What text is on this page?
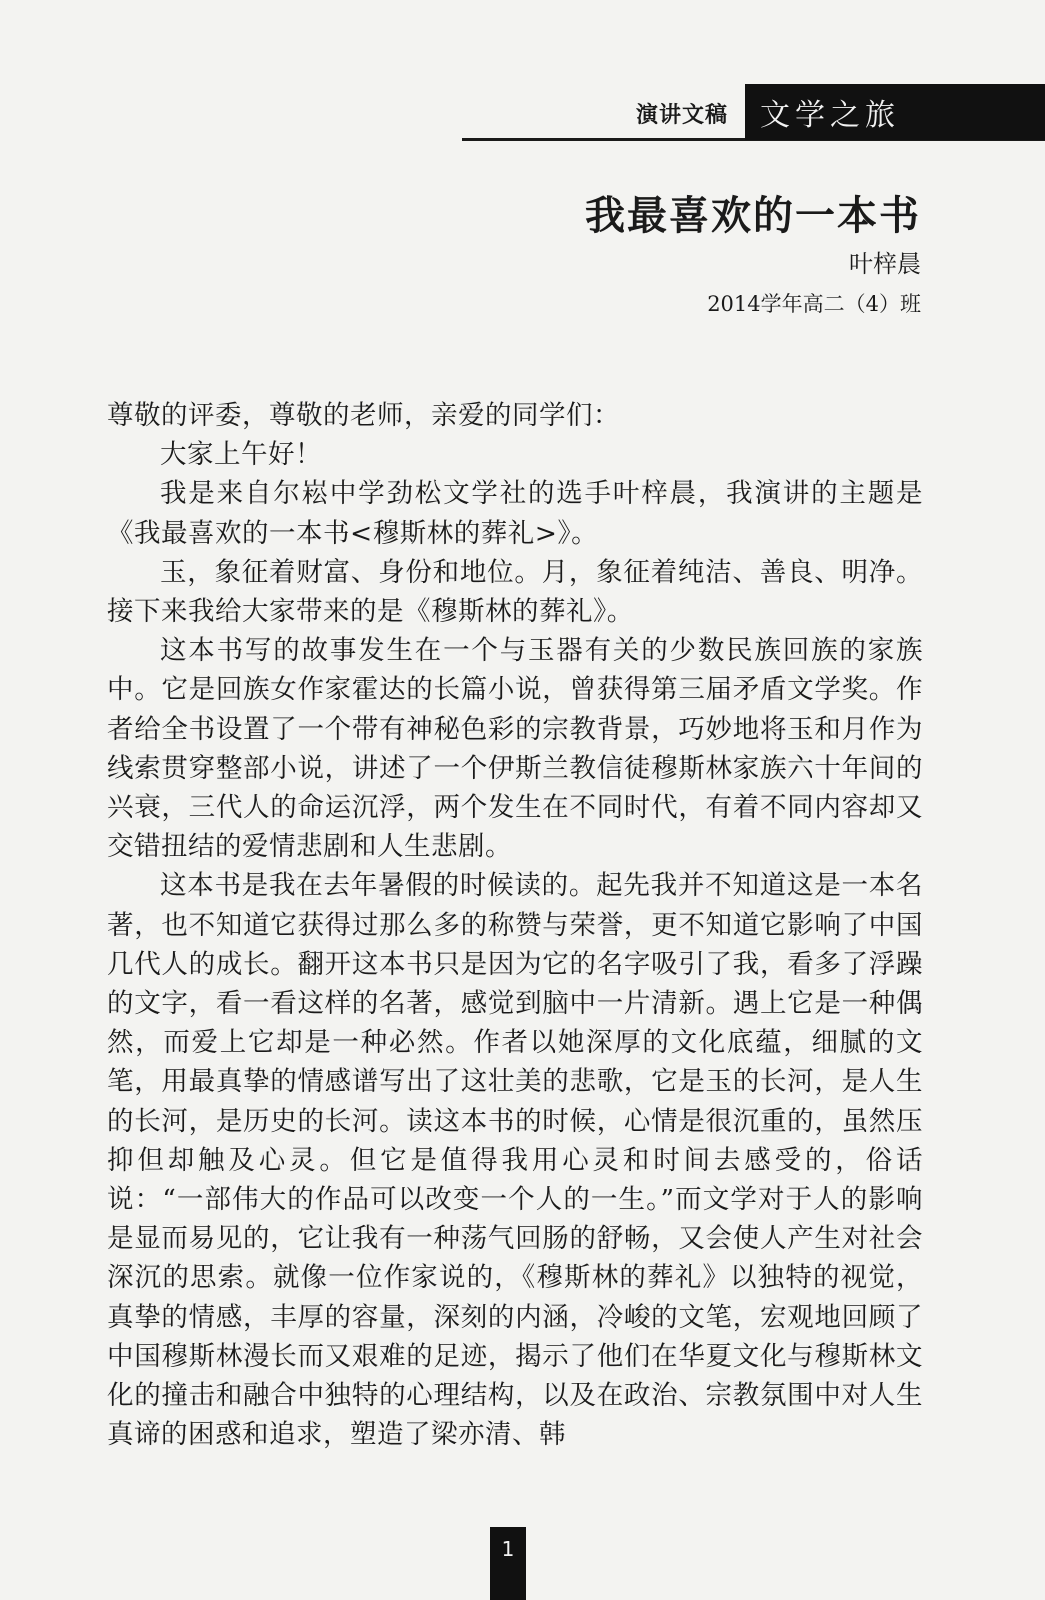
演讲文稿	文学之旅
我最喜欢的一本书
叶梓晨
2014学年高二（4）班

尊敬的评委，尊敬的老师，亲爱的同学们：

大家上午好！

我是来自尔崧中学劲松文学社的选手叶梓晨，我演讲的主题是《我最喜欢的一本书<穆斯林的葬礼>》。

玉，象征着财富、身份和地位。月，象征着纯洁、善良、明净。接下来我给大家带来的是《穆斯林的葬礼》。

这本书写的故事发生在一个与玉器有关的少数民族回族的家族中。它是回族女作家霍达的长篇小说，曾获得第三届矛盾文学奖。作者给全书设置了一个带有神秘色彩的宗教背景，巧妙地将玉和月作为线索贯穿整部小说，讲述了一个伊斯兰教信徒穆斯林家族六十年间的兴衰，三代人的命运沉浮，两个发生在不同时代，有着不同内容却又交错扭结的爱情悲剧和人生悲剧。

这本书是我在去年暑假的时候读的。起先我并不知道这是一本名著，也不知道它获得过那么多的称赞与荣誉，更不知道它影响了中国几代人的成长。翻开这本书只是因为它的名字吸引了我，看多了浮躁的文字，看一看这样的名著，感觉到脑中一片清新。遇上它是一种偶然，而爱上它却是一种必然。作者以她深厚的文化底蕴，细腻的文笔，用最真挚的情感谱写出了这壮美的悲歌，它是玉的长河，是人生的长河，是历史的长河。读这本书的时候，心情是很沉重的，虽然压抑但却触及心灵。但它是值得我用心灵和时间去感受的，俗话说：“一部伟大的作品可以改变一个人的一生。”而文学对于人的影响是显而易见的，它让我有一种荡气回肠的舒畅，又会使人产生对社会深沉的思索。就像一位作家说的，《穆斯林的葬礼》以独特的视觉，真挚的情感，丰厚的容量，深刻的内涵，冷峻的文笔，宏观地回顾了中国穆斯林漫长而又艰难的足迹，揭示了他们在华夏文化与穆斯林文化的撞击和融合中独特的心理结构，以及在政治、宗教氛围中对人生真谛的困惑和追求，塑造了梁亦清、韩

1
